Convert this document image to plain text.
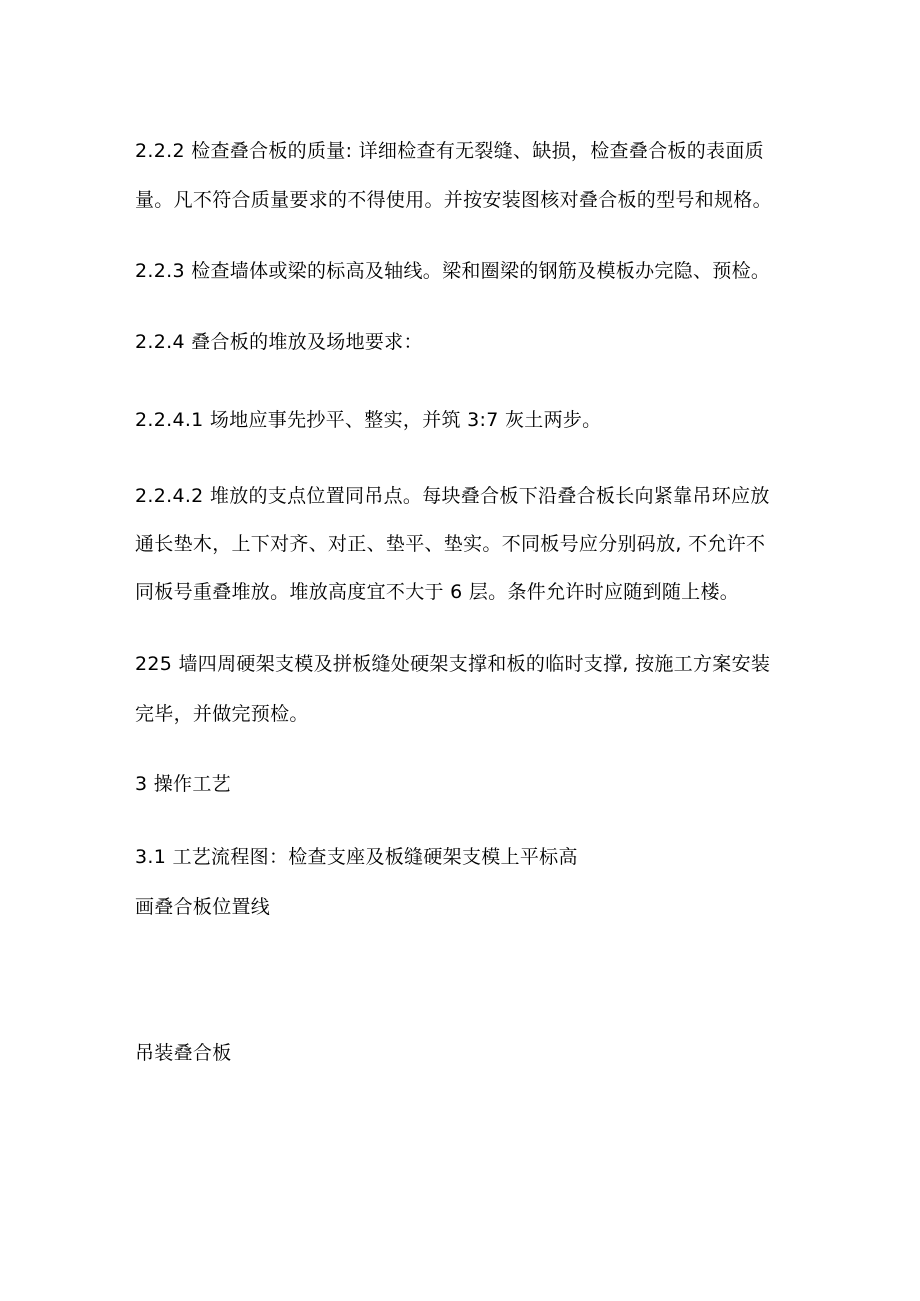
2.2.2 检查叠合板的质量: 详细检查有无裂缝、缺损，检查叠合板的表面质
量。凡不符合质量要求的不得使用。并按安装图核对叠合板的型号和规格。
2.2.3 检查墙体或梁的标高及轴线。梁和圈梁的钢筋及模板办完隐、预检。
2.2.4 叠合板的堆放及场地要求：
2.2.4.1 场地应事先抄平、整实，并筑 3:7 灰土两步。
2.2.4.2 堆放的支点位置同吊点。每块叠合板下沿叠合板长向紧靠吊环应放
通长垫木，上下对齐、对正、垫平、垫实。不同板号应分别码放, 不允许不
同板号重叠堆放。堆放高度宜不大于 6 层。条件允许时应随到随上楼。
225 墙四周硬架支模及拼板缝处硬架支撑和板的临时支撑, 按施工方案安装
完毕，并做完预检。
3 操作工艺
3.1 工艺流程图：检查支座及板缝硬架支模上平标高
画叠合板位置线
吊装叠合板
